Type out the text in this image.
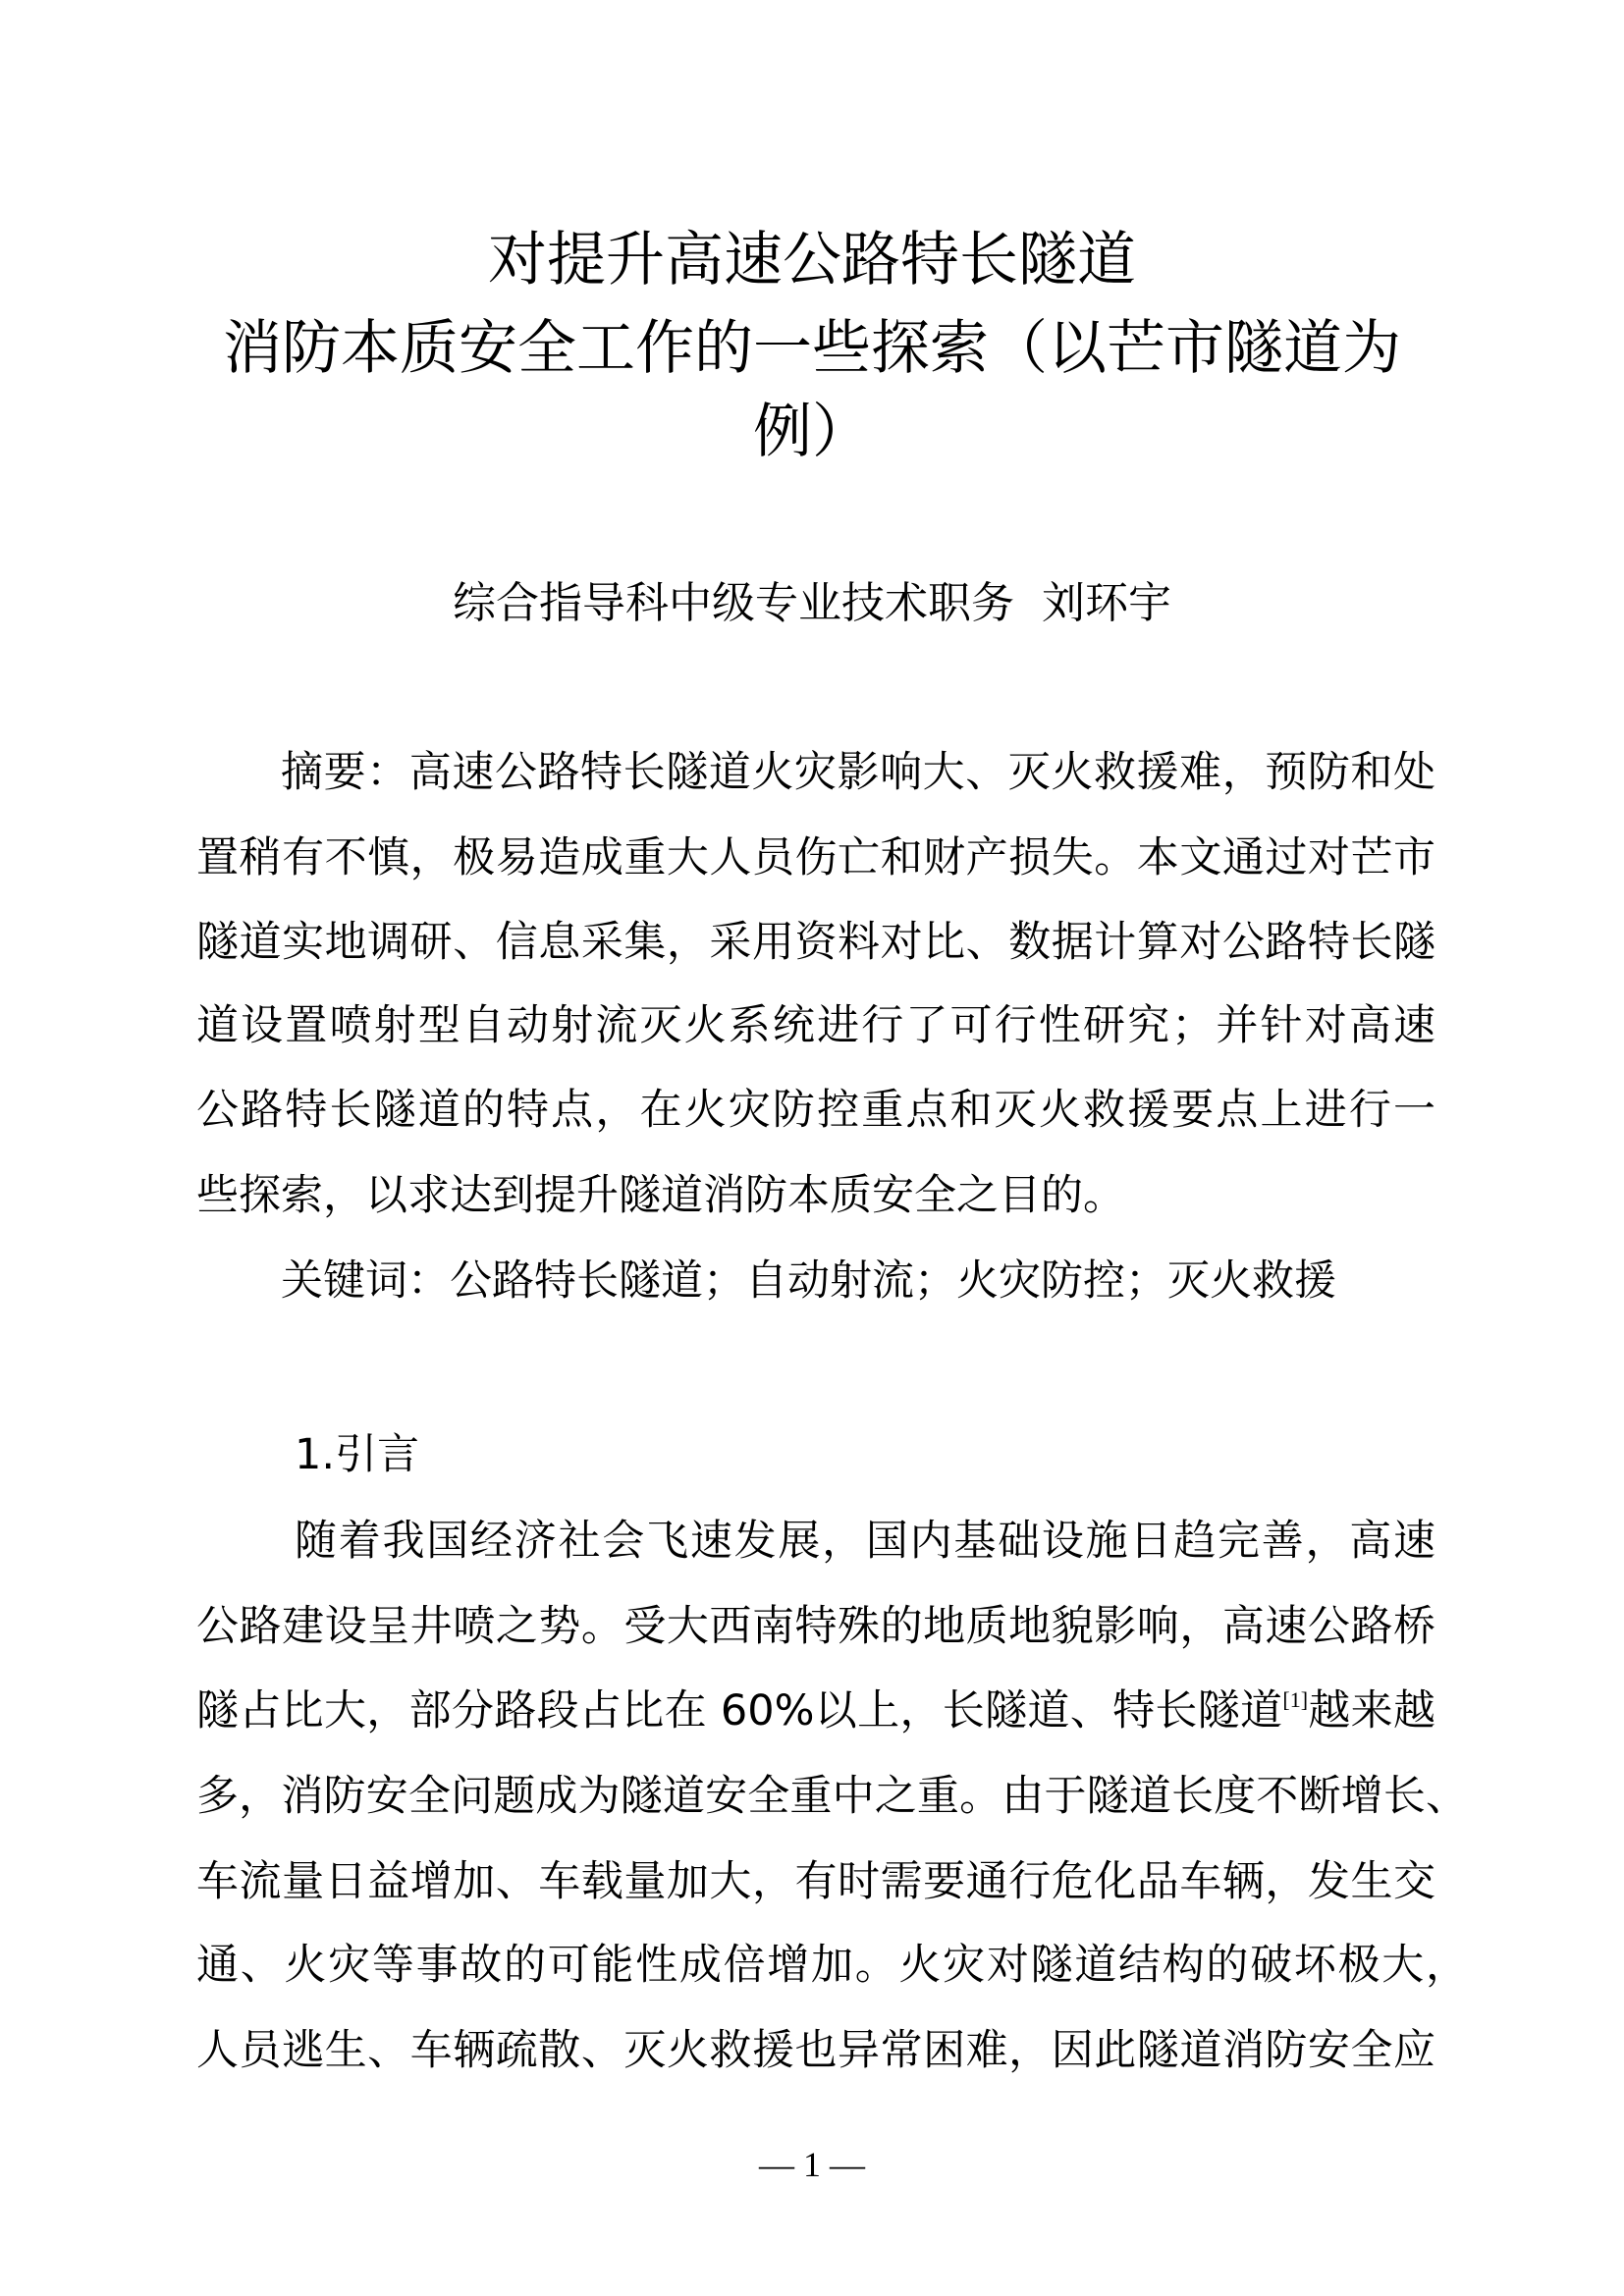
对提升高速公路特长隧道
消防本质安全工作的一些探索（以芒市隧道为
例）
综合指导科中级专业技术职务  刘环宇
摘要：高速公路特长隧道火灾影响大、灭火救援难，预防和处
置稍有不慎，极易造成重大人员伤亡和财产损失。本文通过对芒市
隧道实地调研、信息采集，采用资料对比、数据计算对公路特长隧
道设置喷射型自动射流灭火系统进行了可行性研究；并针对高速
公路特长隧道的特点，在火灾防控重点和灭火救援要点上进行一
些探索，以求达到提升隧道消防本质安全之目的。
关键词：公路特长隧道；自动射流；火灾防控；灭火救援
1.引言
随着我国经济社会飞速发展，国内基础设施日趋完善，高速
公路建设呈井喷之势。受大西南特殊的地质地貌影响，高速公路桥
隧占比大，部分路段占比在 60%以上，长隧道、特长隧道[1]越来越
多，消防安全问题成为隧道安全重中之重。由于隧道长度不断增长、
车流量日益增加、车载量加大，有时需要通行危化品车辆，发生交
通、火灾等事故的可能性成倍增加。火灾对隧道结构的破坏极大，
人员逃生、车辆疏散、灭火救援也异常困难，因此隧道消防安全应
— 1 —
